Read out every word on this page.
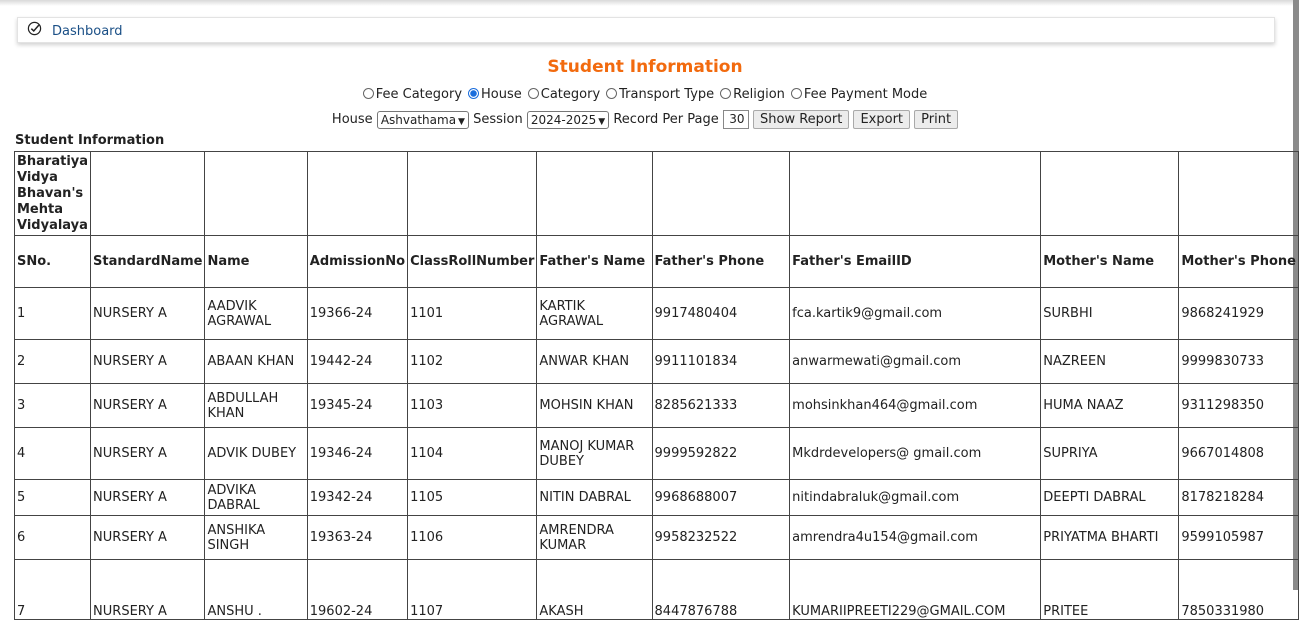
Dashboard
Student Information
Fee Category House Category Transport Type Religion Fee Payment Mode
House Ashvathama ▼ Session 2024-2025 ▼ Record Per Page 30 Show Report Export Print
Student Information
Bharatiya Vidya Bhavan's Mehta Vidyalaya									
SNo.	StandardName	Name	AdmissionNo	ClassRollNumber	Father's Name	Father's Phone	Father's EmailID	Mother's Name	Mother's Phone
1	NURSERY A	AADVIK AGRAWAL	19366-24	1101	KARTIK AGRAWAL	9917480404	fca.kartik9@gmail.com	SURBHI	9868241929
2	NURSERY A	ABAAN KHAN	19442-24	1102	ANWAR KHAN	9911101834	anwarmewati@gmail.com	NAZREEN	9999830733
3	NURSERY A	ABDULLAH KHAN	19345-24	1103	MOHSIN KHAN	8285621333	mohsinkhan464@gmail.com	HUMA NAAZ	9311298350
4	NURSERY A	ADVIK DUBEY	19346-24	1104	MANOJ KUMAR DUBEY	9999592822	Mkdrdevelopers@ gmail.com	SUPRIYA	9667014808
5	NURSERY A	ADVIKA DABRAL	19342-24	1105	NITIN DABRAL	9968688007	nitindabraluk@gmail.com	DEEPTI DABRAL	8178218284
6	NURSERY A	ANSHIKA SINGH	19363-24	1106	AMRENDRA KUMAR	9958232522	amrendra4u154@gmail.com	PRIYATMA BHARTI	9599105987
7	NURSERY A	ANSHU .	19602-24	1107	AKASH	8447876788	KUMARIIPREETI229@GMAIL.COM	PRITEE	7850331980
